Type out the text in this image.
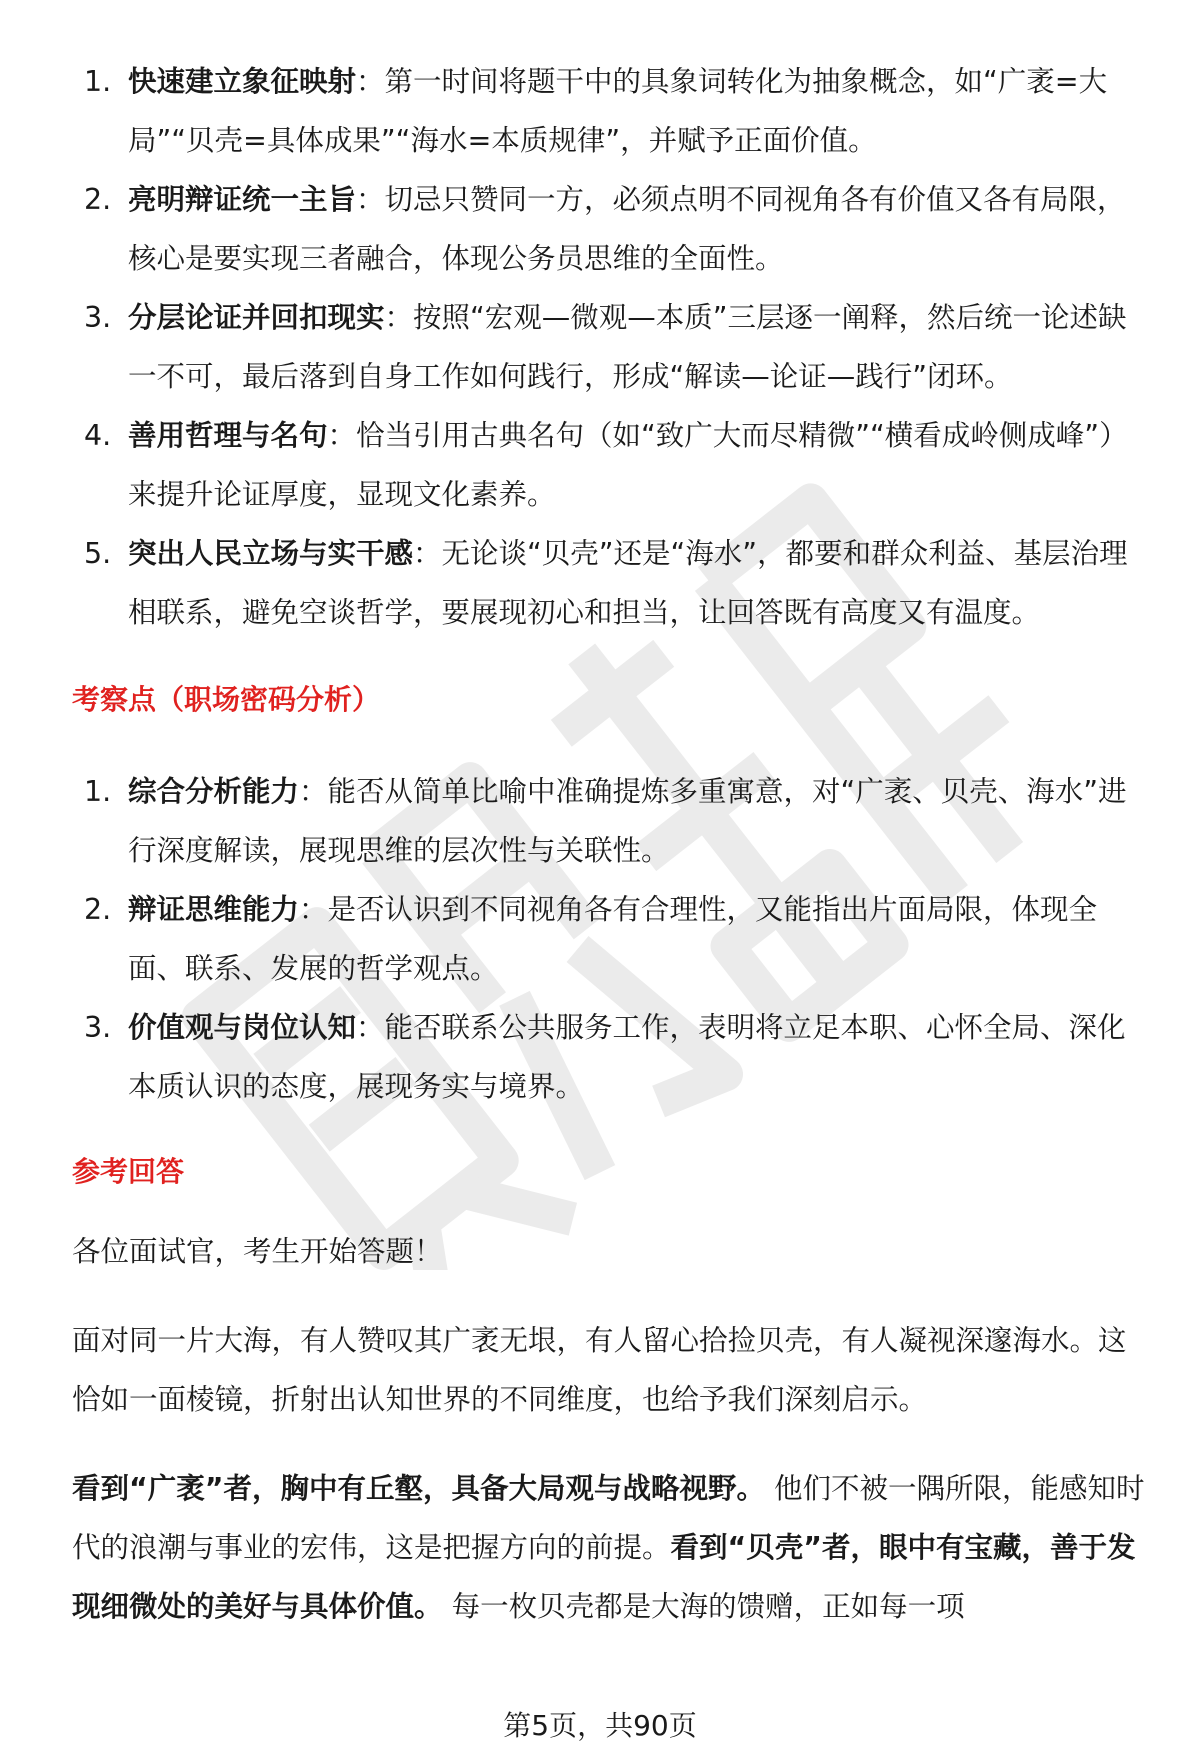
1. 快速建立象征映射：第一时间将题干中的具象词转化为抽象概念，如“广袤=大局”“贝壳=具体成果”“海水=本质规律”，并赋予正面价值。
2. 亮明辩证统一主旨：切忌只赞同一方，必须点明不同视角各有价值又各有局限，核心是要实现三者融合，体现公务员思维的全面性。
3. 分层论证并回扣现实：按照“宏观—微观—本质”三层逐一阐释，然后统一论述缺一不可，最后落到自身工作如何践行，形成“解读—论证—践行”闭环。
4. 善用哲理与名句：恰当引用古典名句（如“致广大而尽精微”“横看成岭侧成峰”）来提升论证厚度，显现文化素养。
5. 突出人民立场与实干感：无论谈“贝壳”还是“海水”，都要和群众利益、基层治理相联系，避免空谈哲学，要展现初心和担当，让回答既有高度又有温度。
考察点（职场密码分析）
1. 综合分析能力：能否从简单比喻中准确提炼多重寓意，对“广袤、贝壳、海水”进行深度解读，展现思维的层次性与关联性。
2. 辩证思维能力：是否认识到不同视角各有合理性，又能指出片面局限，体现全面、联系、发展的哲学观点。
3. 价值观与岗位认知：能否联系公共服务工作，表明将立足本职、心怀全局、深化本质认识的态度，展现务实与境界。
参考回答

各位面试官，考生开始答题！

面对同一片大海，有人赞叹其广袤无垠，有人留心拾捡贝壳，有人凝视深邃海水。这恰如一面棱镜，折射出认知世界的不同维度，也给予我们深刻启示。

看到“广袤”者，胸中有丘壑，具备大局观与战略视野。 他们不被一隅所限，能感知时代的浪潮与事业的宏伟，这是把握方向的前提。看到“贝壳”者，眼中有宝藏，善于发现细微处的美好与具体价值。 每一枚贝壳都是大海的馈赠，正如每一项

第5页，共90页
